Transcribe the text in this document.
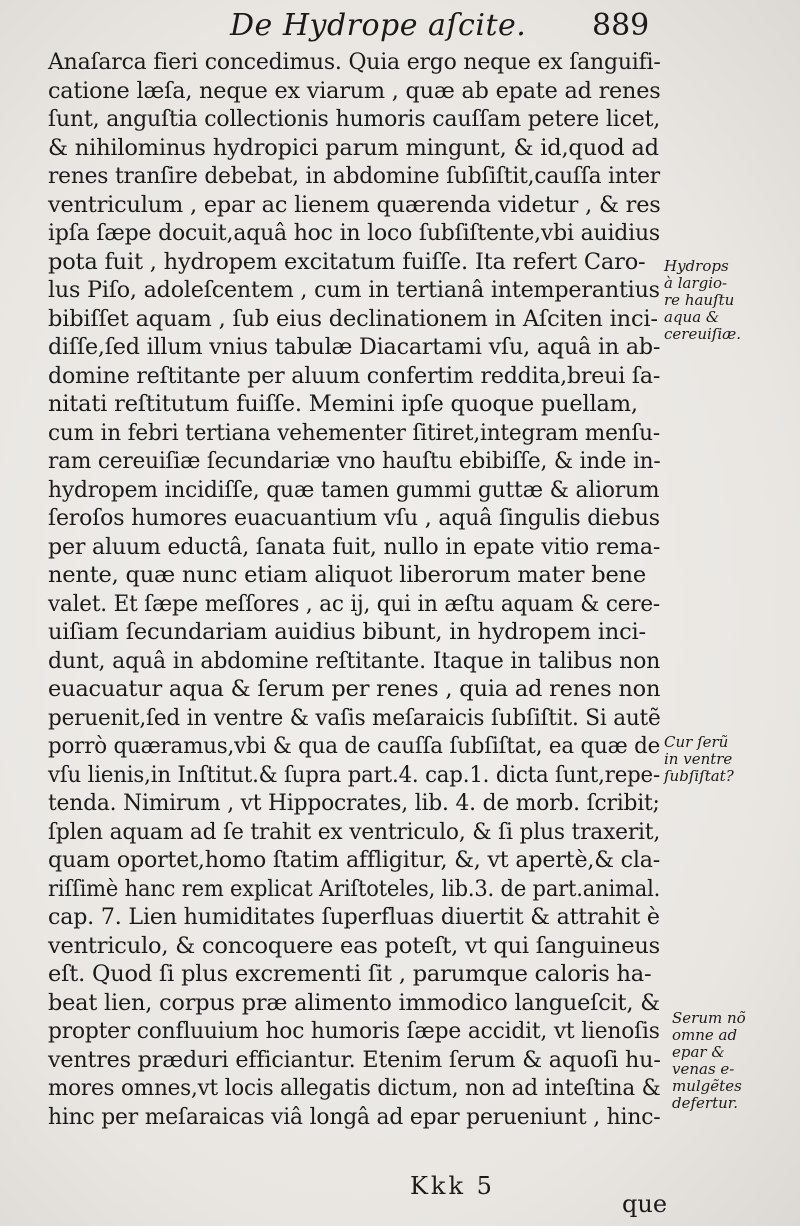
De Hydrope aſcite. 889
Anaſarca fieri concedimus. Quia ergo neque ex ſanguifi-
catione læſa, neque ex viarum , quæ ab epate ad renes
ſunt, anguſtia collectionis humoris cauſſam petere licet,
& nihilominus hydropici parum mingunt, & id,quod ad
renes tranſire debebat, in abdomine ſubſiſtit,cauſſa inter
ventriculum , epar ac lienem quærenda videtur , & res
ipſa ſæpe docuit,aquâ hoc in loco ſubſiſtente,vbi auidius
pota fuit , hydropem excitatum fuiſſe. Ita refert Caro-
lus Piſo, adoleſcentem , cum in tertianâ intemperantius
bibiſſet aquam , ſub eius declinationem in Aſciten inci-
diſſe,ſed illum vnius tabulæ Diacartami vſu, aquâ in ab-
domine reſtitante per aluum confertim reddita,breui ſa-
nitati reſtitutum fuiſſe. Memini ipſe quoque puellam,
cum in febri tertiana vehementer ſitiret,integram menſu-
ram cereuiſiæ ſecundariæ vno hauſtu ebibiſſe, & inde in-
hydropem incidiſſe, quæ tamen gummi guttæ & aliorum
ſeroſos humores euacuantium vſu , aquâ ſingulis diebus
per aluum eductâ, ſanata fuit, nullo in epate vitio rema-
nente, quæ nunc etiam aliquot liberorum mater bene
valet. Et ſæpe meſſores , ac ij, qui in æſtu aquam & cere-
uiſiam ſecundariam auidius bibunt, in hydropem inci-
dunt, aquâ in abdomine reſtitante. Itaque in talibus non
euacuatur aqua & ſerum per renes , quia ad renes non
peruenit,ſed in ventre & vaſis meſaraicis ſubſiſtit. Si autẽ
porrò quæramus,vbi & qua de cauſſa ſubſiſtat, ea quæ de
vſu lienis,in Inſtitut.& ſupra part.4. cap.1. dicta ſunt,repe-
tenda. Nimirum , vt Hippocrates, lib. 4. de morb. ſcribit;
ſplen aquam ad ſe trahit ex ventriculo, & ſi plus traxerit,
quam oportet,homo ſtatim affligitur, &, vt apertè,& cla-
riſſimè hanc rem explicat Ariſtoteles, lib.3. de part.animal.
cap. 7. Lien humiditates ſuperfluas diuertit & attrahit è
ventriculo, & concoquere eas poteſt, vt qui ſanguineus
eſt. Quod ſi plus excrementi ſit , parumque caloris ha-
beat lien, corpus præ alimento immodico langueſcit, &
propter confluuium hoc humoris ſæpe accidit, vt lienoſis
ventres præduri efficiantur. Etenim ſerum & aquoſi hu-
mores omnes,vt locis allegatis dictum, non ad inteſtina &
hinc per meſaraicas viâ longâ ad epar perueniunt , hinc-
Hydrops
à largio-
re hauſtu
aqua &
cereuiſiæ.
Cur ſerũ
in ventre
ſubſiſtat?
Serum nõ
omne ad
epar &
venas e-
mulgẽtes
defertur.
Kkk 5
que
